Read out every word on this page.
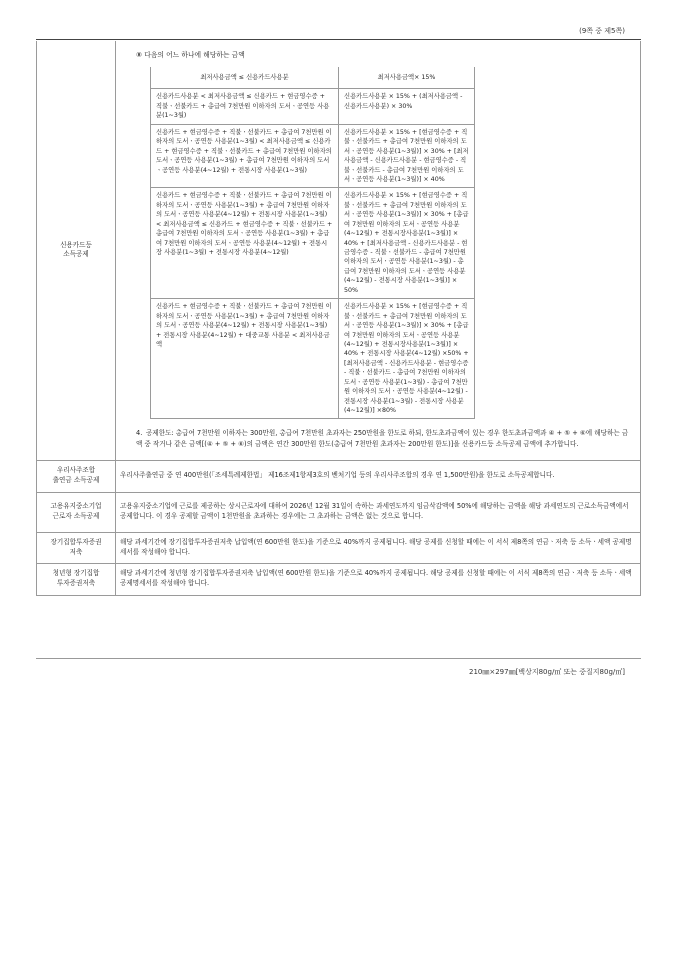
(9쪽 중 제5쪽)
신용카드등
소득공제

⑧ 다음의 어느 하나에 해당하는 금액
최저사용금액 ≤ 신용카드사용분	최저사용금액× 15%
신용카드사용분 < 최저사용금액 ≤ 신용카드 + 현금영수증 + 직불ㆍ선불카드 + 총급여 7천만원 이하자의 도서ㆍ공연등 사용분(1~3월)	신용카드사용분 × 15% + (최저사용금액 - 신용카드사용분) × 30%
신용카드 + 현금영수증 + 직불ㆍ선불카드 + 총급여 7천만원 이하자의 도서ㆍ공연등 사용분(1~3월) < 최저사용금액 ≤ 신용카드 + 현금영수증 + 직불ㆍ선불카드 + 총급여 7천만원 이하자의 도서ㆍ공연등 사용분(1~3월) + 총급여 7천만원 이하자의 도서ㆍ공연등 사용분(4~12월) + 전통시장 사용분(1~3월)	신용카드사용분 × 15% + [현금영수증 + 직불ㆍ선불카드 + 총급여 7천만원 이하자의 도서ㆍ공연등 사용분(1~3월)] × 30% + [최저사용금액 - 신용카드사용분 - 현금영수증 - 직불ㆍ선불카드 - 총급여 7천만원 이하자의 도서ㆍ공연등 사용분(1~3월)] × 40%
신용카드 + 현금영수증 + 직불ㆍ선불카드 + 총급여 7천만원 이하자의 도서ㆍ공연등 사용분(1~3월) + 총급여 7천만원 이하자의 도서ㆍ공연등 사용분(4~12월) + 전통시장 사용분(1~3월) < 최저사용금액 ≤ 신용카드 + 현금영수증 + 직불ㆍ선불카드 + 총급여 7천만원 이하자의 도서ㆍ공연등 사용분(1~3월) + 총급여 7천만원 이하자의 도서ㆍ공연등 사용분(4~12월) + 전통시장 사용분(1~3월) + 전통시장 사용분(4~12월)	신용카드사용분 × 15% + [현금영수증 + 직불ㆍ선불카드 + 총급여 7천만원 이하자의 도서ㆍ공연등 사용분(1~3월)] × 30% + [총급여 7천만원 이하자의 도서ㆍ공연등 사용분(4~12월) + 전통시장사용분(1~3월)] × 40% + [최저사용금액 - 신용카드사용분 - 현금영수증 - 직불ㆍ선불카드 - 총급여 7천만원 이하자의 도서ㆍ공연등 사용분(1~3월) - 총급여 7천만원 이하자의 도서ㆍ공연등 사용분(4~12월) - 전통시장 사용분(1~3월)] × 50%
신용카드 + 현금영수증 + 직불ㆍ선불카드 + 총급여 7천만원 이하자의 도서ㆍ공연등 사용분(1~3월) + 총급여 7천만원 이하자의 도서ㆍ공연등 사용분(4~12월) + 전통시장 사용분(1~3월) + 전통시장 사용분(4~12월) + 대중교통 사용분 < 최저사용금액	신용카드사용분 × 15% + [현금영수증 + 직불ㆍ선불카드 + 총급여 7천만원 이하자의 도서ㆍ공연등 사용분(1~3월)] × 30% + [총급여 7천만원 이하자의 도서ㆍ공연등 사용분(4~12월) + 전통시장사용분(1~3월)] × 40% + 전통시장 사용분(4~12월) ×50% + [최저사용금액 - 신용카드사용분 - 현금영수증 - 직불ㆍ선불카드 - 총급여 7천만원 이하자의 도서ㆍ공연등 사용분(1~3월) - 총급여 7천만원 이하자의 도서ㆍ공연등 사용분(4~12월) - 전통시장 사용분(1~3월) - 전통시장 사용분(4~12월)] ×80%
4. 공제한도: 총급여 7천만원 이하자는 300만원, 총급여 7천만원 초과자는 250만원을 한도로 하되, 한도초과금액이 있는 경우 한도초과금액과 ④ + ⑤ + ⑥에 해당하는 금액 중 작거나 같은 금액[(④ + ⑤ + ⑥)의 금액은 연간 300만원 한도(총급여 7천만원 초과자는 200만원 한도)]을 신용카드등 소득공제 금액에 추가합니다.

우리사주조합
출연금 소득공제
	우리사주출연금 중 연 400만원(「조세특례제한법」 제16조제1항제3호의 벤처기업 등의 우리사주조합의 경우 연 1,500만원)을 한도로 소득공제합니다.

고용유지중소기업
근로자 소득공제
	고용유지중소기업에 근로를 제공하는 상시근로자에 대하여 2026년 12월 31일이 속하는 과세연도까지 임금삭감액에 50%에 해당하는 금액을 해당 과세연도의 근로소득금액에서 공제합니다. 이 경우 공제할 금액이 1천만원을 초과하는 경우에는 그 초과하는 금액은 없는 것으로 합니다.

장기집합투자증권
저축
	해당 과세기간에 장기집합투자증권저축 납입액(연 600만원 한도)을 기준으로 40%까지 공제됩니다. 해당 공제를 신청할 때에는 이 서식 제8쪽의 연금ㆍ저축 등 소득ㆍ세액 공제명세서를 작성해야 합니다.

청년형 장기집합
투자증권저축
	해당 과세기간에 청년형 장기집합투자증권저축 납입액(연 600만원 한도)을 기준으로 40%까지 공제됩니다. 해당 공제를 신청할 때에는 이 서식 제8쪽의 연금ㆍ저축 등 소득ㆍ세액 공제명세서를 작성해야 합니다.
210㎜×297㎜[백상지80g/㎡ 또는 중질지80g/㎡]
